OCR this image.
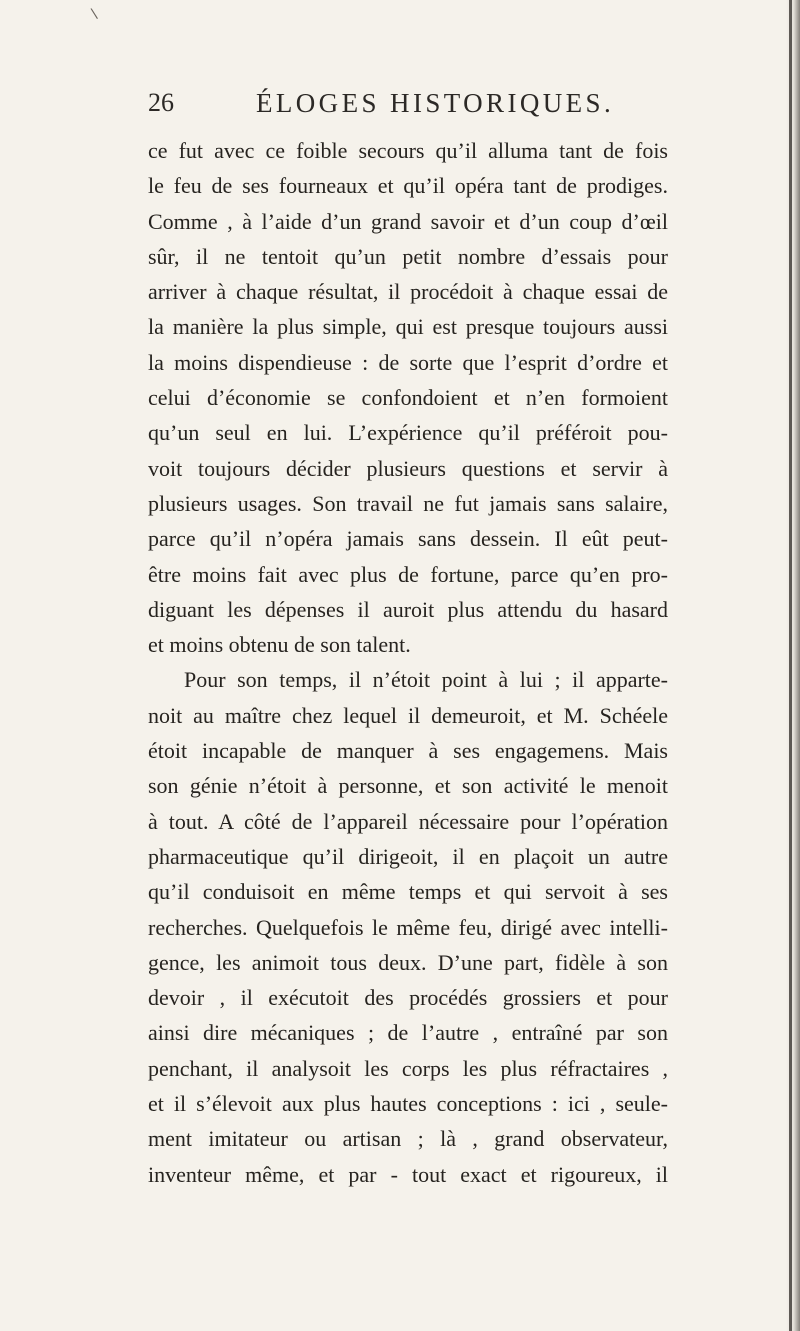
\
26	ÉLOGES HISTORIQUES.
ce fut avec ce foible secours qu’il alluma tant de fois
le feu de ses fourneaux et qu’il opéra tant de prodiges.
Comme , à l’aide d’un grand savoir et d’un coup d’œil
sûr, il ne tentoit qu’un petit nombre d’essais pour
arriver à chaque résultat, il procédoit à chaque essai de
la manière la plus simple, qui est presque toujours aussi
la moins dispendieuse : de sorte que l’esprit d’ordre et
celui d’économie se confondoient et n’en formoient
qu’un seul en lui. L’expérience qu’il préféroit pou-
voit toujours décider plusieurs questions et servir à
plusieurs usages. Son travail ne fut jamais sans salaire,
parce qu’il n’opéra jamais sans dessein. Il eût peut-
être moins fait avec plus de fortune, parce qu’en pro-
diguant les dépenses il auroit plus attendu du hasard
et moins obtenu de son talent.
Pour son temps, il n’étoit point à lui ; il apparte-
noit au maître chez lequel il demeuroit, et M. Schéele
étoit incapable de manquer à ses engagemens. Mais
son génie n’étoit à personne, et son activité le menoit
à tout. A côté de l’appareil nécessaire pour l’opération
pharmaceutique qu’il dirigeoit, il en plaçoit un autre
qu’il conduisoit en même temps et qui servoit à ses
recherches. Quelquefois le même feu, dirigé avec intelli-
gence, les animoit tous deux. D’une part, fidèle à son
devoir , il exécutoit des procédés grossiers et pour
ainsi dire mécaniques ; de l’autre , entraîné par son
penchant, il analysoit les corps les plus réfractaires ,
et il s’élevoit aux plus hautes conceptions : ici , seule-
ment imitateur ou artisan ; là , grand observateur,
inventeur même, et par - tout exact et rigoureux, il
